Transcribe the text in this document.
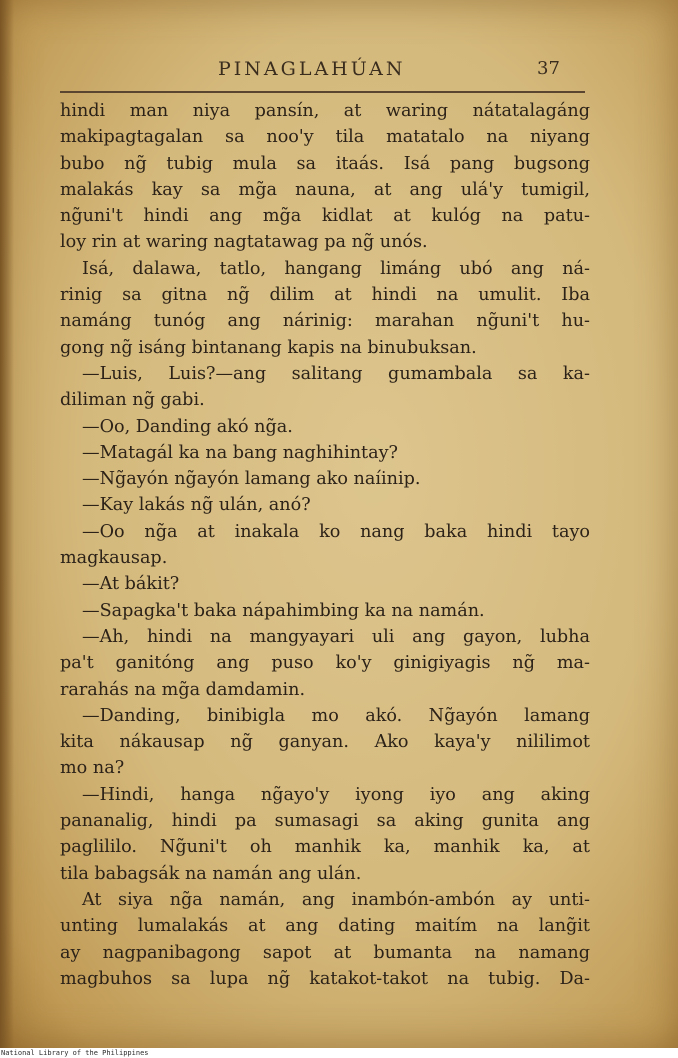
PINAGLAHÚAN	37
hindi man niya pansín, at waring nátatalagáng
makipagtagalan sa noo'y tila matatalo na niyang
bubo ng̃ tubig mula sa itaás. Isá pang bugsong
malakás kay sa mg̃a nauna, at ang ulá'y tumigil,
ng̃uni't hindi ang mg̃a kidlat at kulóg na patu-
loy rin at waring nagtatawag pa ng̃ unós.
Isá, dalawa, tatlo, hangang limáng ubó ang ná-
rinig sa gitna ng̃ dilim at hindi na umulit. Iba
namáng tunóg ang nárinig: marahan ng̃uni't hu-
gong ng̃ isáng bintanang kapis na binubuksan.
—Luis, Luis?—ang salitang gumambala sa ka-
diliman ng̃ gabi.
—Oo, Danding akó ng̃a.
—Matagál ka na bang naghihintay?
—Ng̃ayón ng̃ayón lamang ako naíinip.
—Kay lakás ng̃ ulán, anó?
—Oo ng̃a at inakala ko nang baka hindi tayo
magkausap.
—At bákit?
—Sapagka't baka nápahimbing ka na namán.
—Ah, hindi na mangyayari uli ang gayon, lubha
pa't ganitóng ang puso ko'y ginigiyagis ng̃ ma-
rarahás na mg̃a damdamin.
—Danding, binibigla mo akó. Ng̃ayón lamang
kita nákausap ng̃ ganyan. Ako kaya'y nililimot
mo na?
—Hindi, hanga ng̃ayo'y iyong iyo ang aking
pananalig, hindi pa sumasagi sa aking gunita ang
paglililo. Ng̃uni't oh manhik ka, manhik ka, at
tila babagsák na namán ang ulán.
At siya ng̃a namán, ang inambón-ambón ay unti-
unting lumalakás at ang dating maitím na lang̃it
ay nagpanibagong sapot at bumanta na namang
magbuhos sa lupa ng̃ katakot-takot na tubig. Da-
National Library of the Philippines
